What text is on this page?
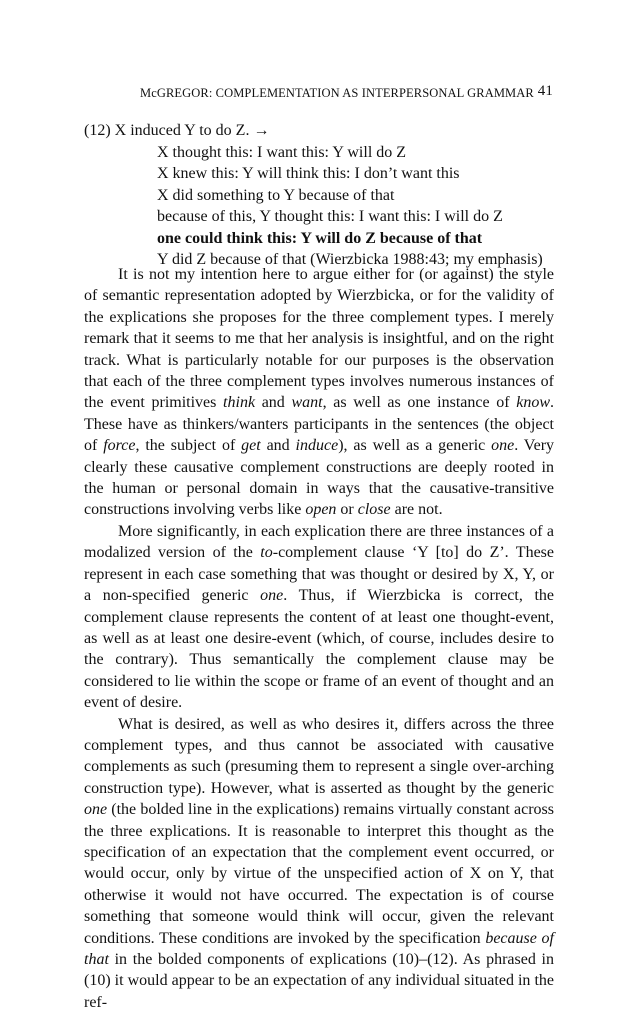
McGREGOR: COMPLEMENTATION AS INTERPERSONAL GRAMMAR 41
(12) X induced Y to do Z. →
X thought this: I want this: Y will do Z
X knew this: Y will think this: I don’t want this
X did something to Y because of that
because of this, Y thought this: I want this: I will do Z
one could think this: Y will do Z because of that
Y did Z because of that (Wierzbicka 1988:43; my emphasis)

It is not my intention here to argue either for (or against) the style of semantic representation adopted by Wierzbicka, or for the validity of the explications she proposes for the three complement types. I merely remark that it seems to me that her analysis is insightful, and on the right track. What is particularly notable for our purposes is the observation that each of the three complement types involves numerous instances of the event primitives think and want, as well as one instance of know. These have as thinkers/wanters participants in the sentences (the object of force, the subject of get and induce), as well as a generic one. Very clearly these causative complement constructions are deeply rooted in the human or personal domain in ways that the causative-transitive constructions involving verbs like open or close are not.

More significantly, in each explication there are three instances of a modalized version of the to-complement clause ‘Y [to] do Z’. These represent in each case something that was thought or desired by X, Y, or a non-specified generic one. Thus, if Wierzbicka is correct, the complement clause represents the content of at least one thought-event, as well as at least one desire-event (which, of course, includes desire to the contrary). Thus semantically the complement clause may be considered to lie within the scope or frame of an event of thought and an event of desire.

What is desired, as well as who desires it, differs across the three complement types, and thus cannot be associated with causative complements as such (presuming them to represent a single over-arching construction type). However, what is asserted as thought by the generic one (the bolded line in the explications) remains virtually constant across the three explications. It is reasonable to interpret this thought as the specification of an expectation that the complement event occurred, or would occur, only by virtue of the unspecified action of X on Y, that otherwise it would not have occurred. The expectation is of course something that someone would think will occur, given the relevant conditions. These conditions are invoked by the specification because of that in the bolded components of explications (10)–(12). As phrased in (10) it would appear to be an expectation of any individual situated in the ref-
